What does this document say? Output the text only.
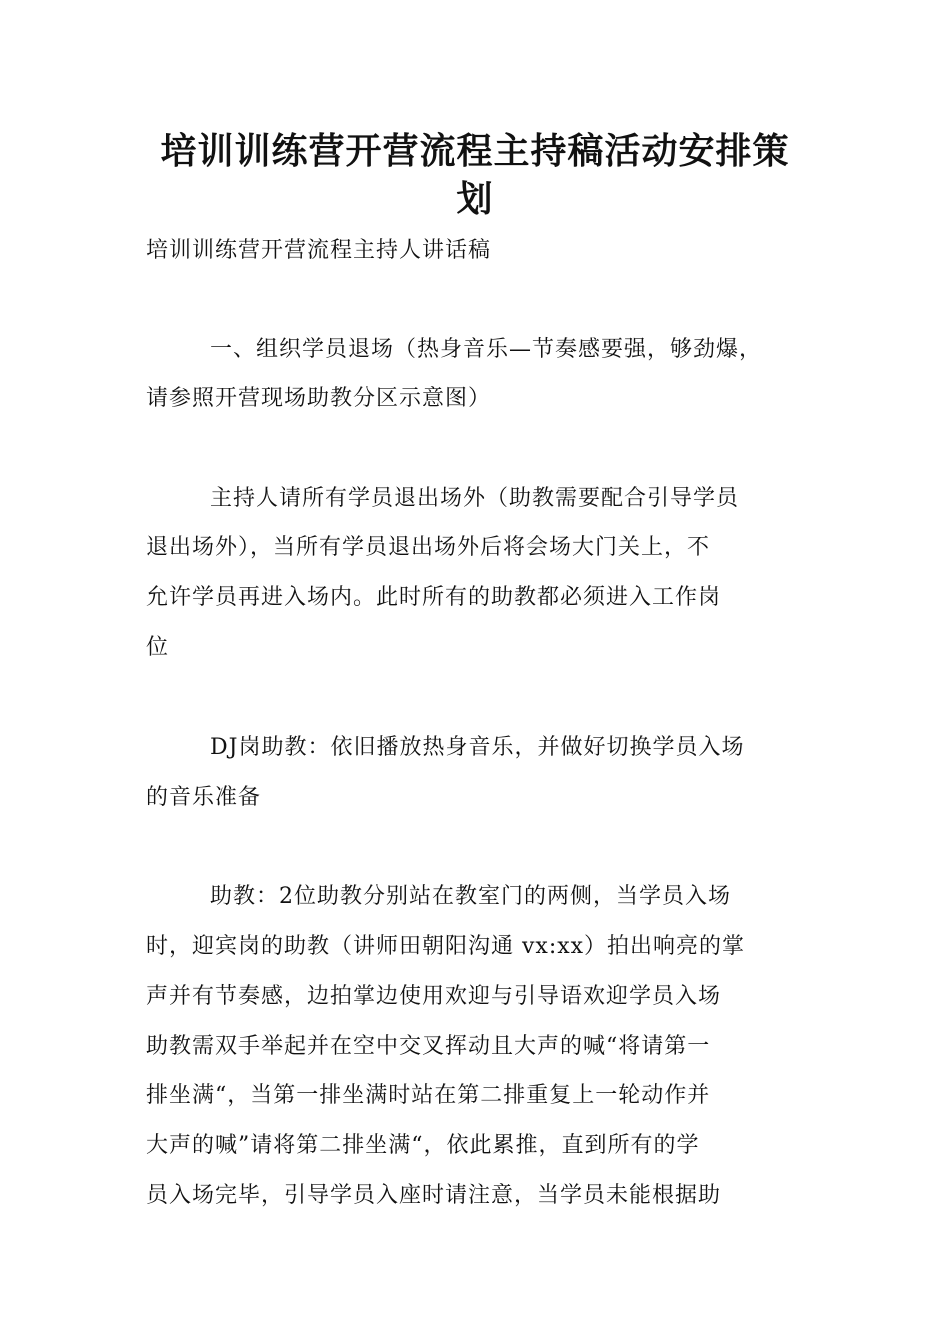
培训训练营开营流程主持稿活动安排策
划
培训训练营开营流程主持人讲话稿
一、组织学员退场（热身音乐—节奏感要强，够劲爆，
请参照开营现场助教分区示意图）
主持人请所有学员退出场外（助教需要配合引导学员
退出场外），当所有学员退出场外后将会场大门关上，不
允许学员再进入场内。此时所有的助教都必须进入工作岗
位
DJ岗助教：依旧播放热身音乐，并做好切换学员入场
的音乐准备
助教：2位助教分别站在教室门的两侧，当学员入场
时，迎宾岗的助教（讲师田朝阳沟通 vx:xx）拍出响亮的掌
声并有节奏感，边拍掌边使用欢迎与引导语欢迎学员入场
助教需双手举起并在空中交叉挥动且大声的喊“将请第一
排坐满“，当第一排坐满时站在第二排重复上一轮动作并
大声的喊”请将第二排坐满“，依此累推，直到所有的学
员入场完毕，引导学员入座时请注意，当学员未能根据助
